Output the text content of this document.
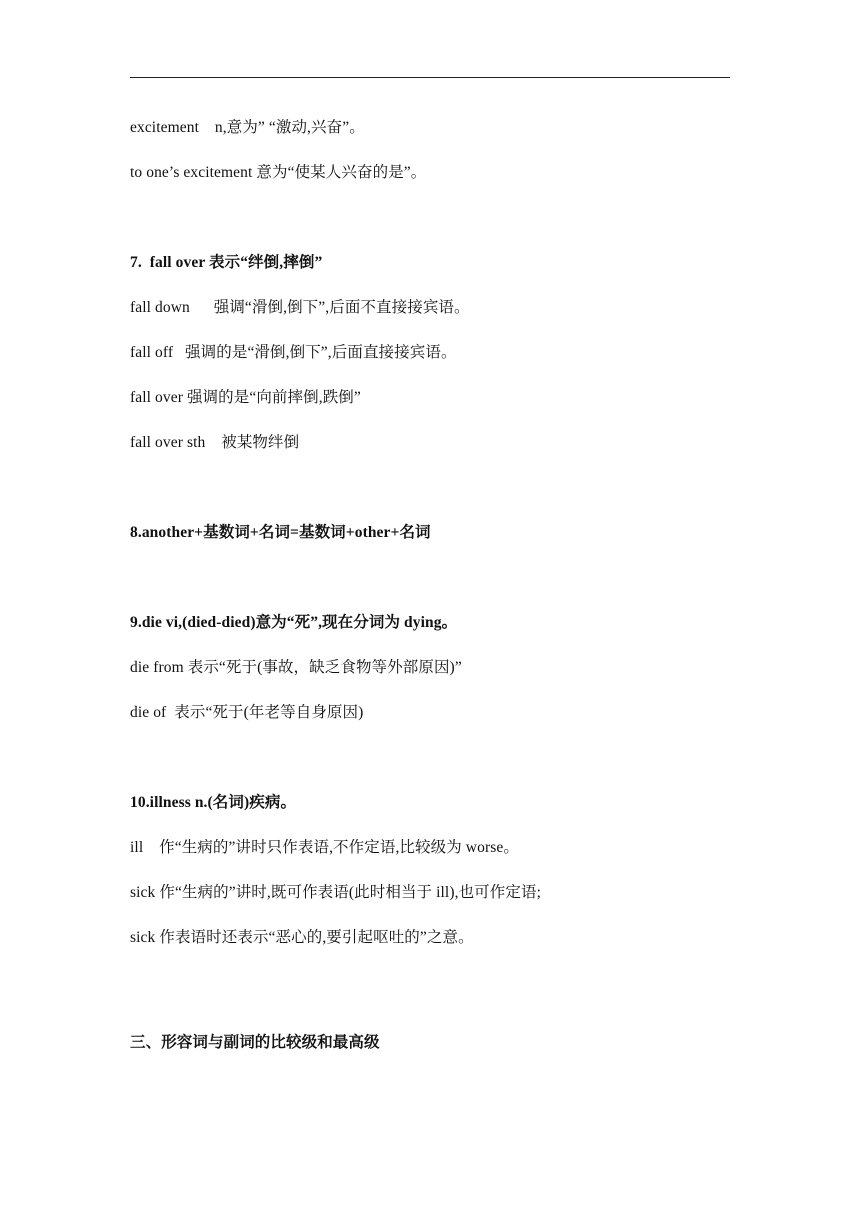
excitement    n,意为” “激动,兴奋”。
to one’s excitement 意为“使某人兴奋的是”。
7.  fall over 表示“绊倒,摔倒”
fall down      强调“滑倒,倒下”,后面不直接接宾语。
fall off   强调的是“滑倒,倒下”,后面直接接宾语。
fall over 强调的是“向前摔倒,跌倒”
fall over sth    被某物绊倒
8.another+基数词+名词=基数词+other+名词
9.die vi,(died-died)意为“死”,现在分词为 dying。
die from 表示“死于(事故，缺乏食物等外部原因)”
die of  表示“死于(年老等自身原因)
10.illness n.(名词)疾病。
ill    作“生病的”讲时只作表语,不作定语,比较级为 worse。
sick 作“生病的”讲时,既可作表语(此时相当于 ill),也可作定语;
sick 作表语时还表示“恶心的,要引起呕吐的”之意。
三、形容词与副词的比较级和最高级
